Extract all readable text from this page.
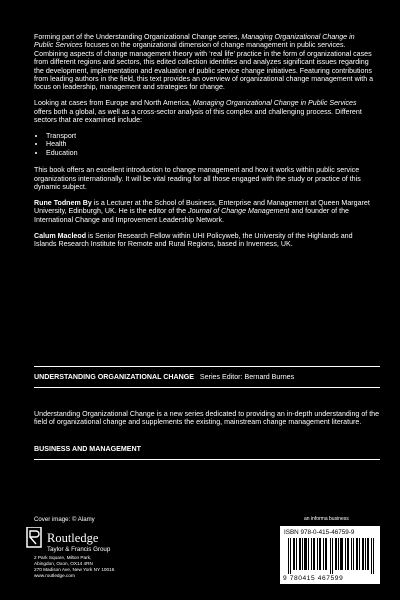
Forming part of the Understanding Organizational Change series, Managing Organizational Change in Public Services focuses on the organizational dimension of change management in public services. Combining aspects of change management theory with ‘real life’ practice in the form of organizational cases from different regions and sectors, this edited collection identifies and analyzes significant issues regarding the development, implementation and evaluation of public service change initiatives. Featuring contributions from leading authors in the field, this text provides an overview of organizational change management with a focus on leadership, management and strategies for change.

Looking at cases from Europe and North America, Managing Organizational Change in Public Services offers both a global, as well as a cross-sector analysis of this complex and challenging process. Different sectors that are examined include:

• Transport
• Health
• Education

This book offers an excellent introduction to change management and how it works within public service organizations internationally. It will be vital reading for all those engaged with the study or practice of this dynamic subject.

Rune Todnem By is a Lecturer at the School of Business, Enterprise and Management at Queen Margaret University, Edinburgh, UK. He is the editor of the Journal of Change Management and founder of the International Change and Improvement Leadership Network.

Calum Macleod is Senior Research Fellow within UHI Policyweb, the University of the Highlands and Islands Research Institute for Remote and Rural Regions, based in Inverness, UK.

UNDERSTANDING ORGANIZATIONAL CHANGE Series Editor: Bernard Burnes
Understanding Organizational Change is a new series dedicated to providing an in-depth understanding of the field of organizational change and supplements the existing, mainstream change management literature.
BUSINESS AND MANAGEMENT
Cover image: © Alamy
Routledge
Taylor & Francis Group
2 Park Square, Milton Park,
Abingdon, Oxon, OX14 4RN
270 Madison Ave, New York NY 10016
www.routledge.com
an informa business
ISBN 978-0-415-46759-9
9 780415 467599
